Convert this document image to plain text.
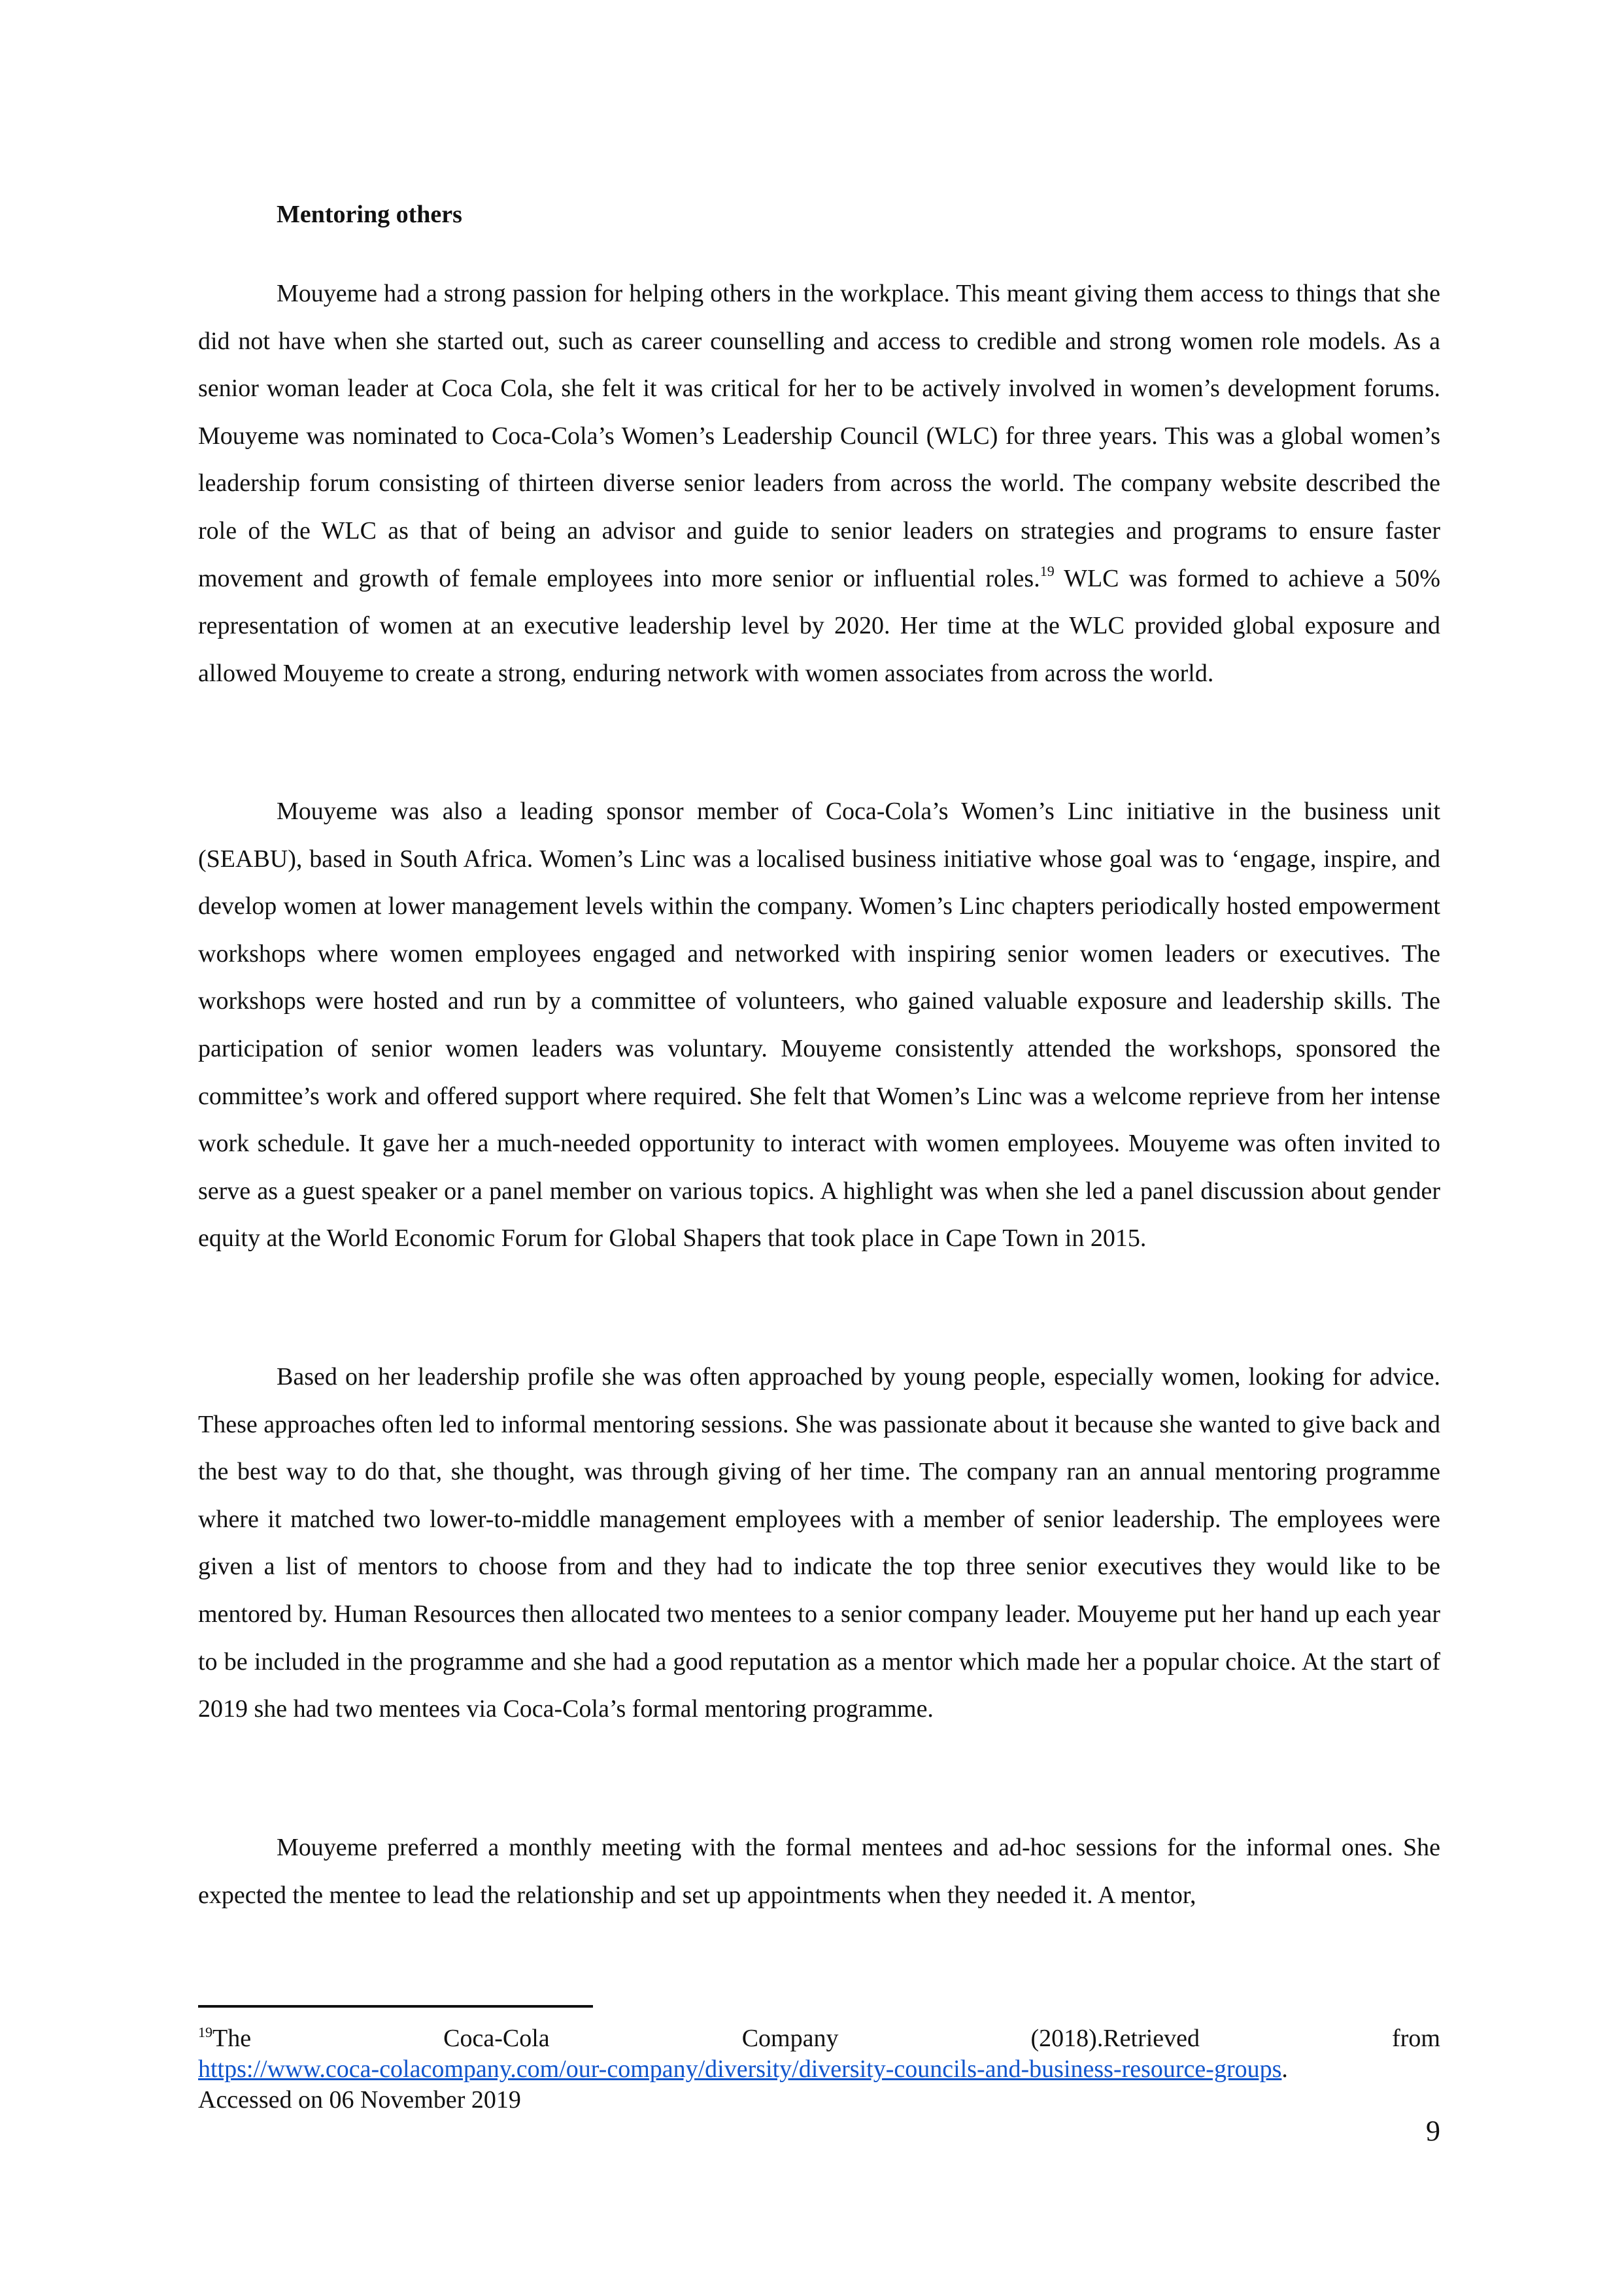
Mentoring others

Mouyeme had a strong passion for helping others in the workplace. This meant giving them access to things that she did not have when she started out, such as career counselling and access to credible and strong women role models. As a senior woman leader at Coca Cola, she felt it was critical for her to be actively involved in women’s development forums. Mouyeme was nominated to Coca-Cola’s Women’s Leadership Council (WLC) for three years. This was a global women’s leadership forum consisting of thirteen diverse senior leaders from across the world. The company website described the role of the WLC as that of being an advisor and guide to senior leaders on strategies and programs to ensure faster movement and growth of female employees into more senior or influential roles.$^{19}$ WLC was formed to achieve a 50% representation of women at an executive leadership level by 2020. Her time at the WLC provided global exposure and allowed Mouyeme to create a strong, enduring network with women associates from across the world.

Mouyeme was also a leading sponsor member of Coca-Cola’s Women’s Linc initiative in the business unit (SEABU), based in South Africa. Women’s Linc was a localised business initiative whose goal was to ‘engage, inspire, and develop women at lower management levels within the company. Women’s Linc chapters periodically hosted empowerment workshops where women employees engaged and networked with inspiring senior women leaders or executives. The workshops were hosted and run by a committee of volunteers, who gained valuable exposure and leadership skills. The participation of senior women leaders was voluntary. Mouyeme consistently attended the workshops, sponsored the committee’s work and offered support where required. She felt that Women’s Linc was a welcome reprieve from her intense work schedule. It gave her a much-needed opportunity to interact with women employees. Mouyeme was often invited to serve as a guest speaker or a panel member on various topics. A highlight was when she led a panel discussion about gender equity at the World Economic Forum for Global Shapers that took place in Cape Town in 2015.

Based on her leadership profile she was often approached by young people, especially women, looking for advice. These approaches often led to informal mentoring sessions. She was passionate about it because she wanted to give back and the best way to do that, she thought, was through giving of her time. The company ran an annual mentoring programme where it matched two lower-to-middle management employees with a member of senior leadership. The employees were given a list of mentors to choose from and they had to indicate the top three senior executives they would like to be mentored by. Human Resources then allocated two mentees to a senior company leader. Mouyeme put her hand up each year to be included in the programme and she had a good reputation as a mentor which made her a popular choice. At the start of 2019 she had two mentees via Coca-Cola’s formal mentoring programme.

Mouyeme preferred a monthly meeting with the formal mentees and ad-hoc sessions for the informal ones. She expected the mentee to lead the relationship and set up appointments when they needed it. A mentor,

$^{19}$The	Coca-Cola	Company	(2018).Retrieved	from
https://www.coca-colacompany.com/our-company/diversity/diversity-councils-and-business-resource-groups.
Accessed on 06 November 2019
9
